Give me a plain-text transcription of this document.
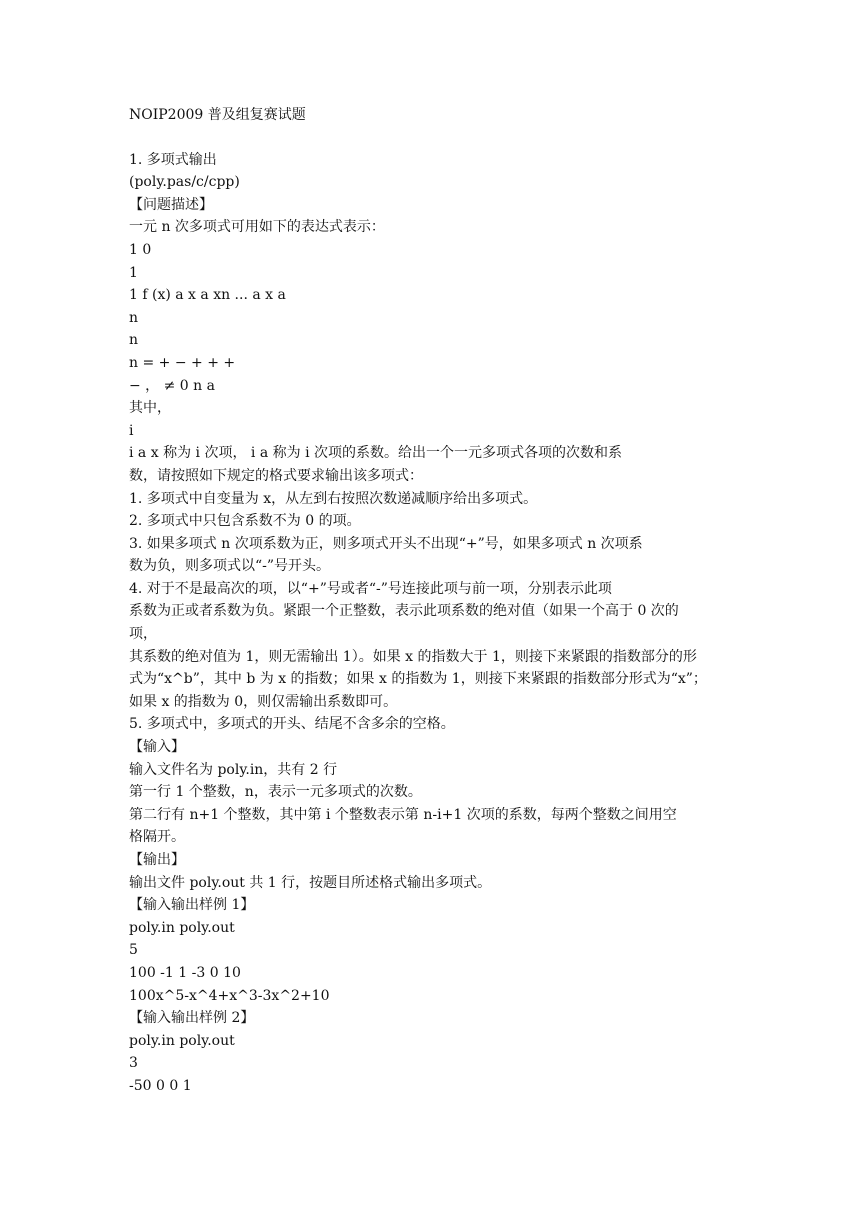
NOIP2009 普及组复赛试题
1. 多项式输出
(poly.pas/c/cpp)
【问题描述】
一元 n 次多项式可用如下的表达式表示：
1 0
1
1 f (x) a x a xn ... a x a
n
n
n = + − + + +
− ， ≠ 0 n a
其中，
i
i a x 称为 i 次项， i a 称为 i 次项的系数。给出一个一元多项式各项的次数和系
数，请按照如下规定的格式要求输出该多项式：
1. 多项式中自变量为 x，从左到右按照次数递减顺序给出多项式。
2. 多项式中只包含系数不为 0 的项。
3. 如果多项式 n 次项系数为正，则多项式开头不出现“+”号，如果多项式 n 次项系
数为负，则多项式以“-”号开头。
4. 对于不是最高次的项，以“+”号或者“-”号连接此项与前一项，分别表示此项
系数为正或者系数为负。紧跟一个正整数，表示此项系数的绝对值（如果一个高于 0 次的
项，
其系数的绝对值为 1，则无需输出 1）。如果 x 的指数大于 1，则接下来紧跟的指数部分的形
式为“x^b”，其中 b 为 x 的指数；如果 x 的指数为 1，则接下来紧跟的指数部分形式为“x”；
如果 x 的指数为 0，则仅需输出系数即可。
5. 多项式中，多项式的开头、结尾不含多余的空格。
【输入】
输入文件名为 poly.in，共有 2 行
第一行 1 个整数，n，表示一元多项式的次数。
第二行有 n+1 个整数，其中第 i 个整数表示第 n-i+1 次项的系数，每两个整数之间用空
格隔开。
【输出】
输出文件 poly.out 共 1 行，按题目所述格式输出多项式。
【输入输出样例 1】
poly.in poly.out
5
100 -1 1 -3 0 10
100x^5-x^4+x^3-3x^2+10
【输入输出样例 2】
poly.in poly.out
3
-50 0 0 1
